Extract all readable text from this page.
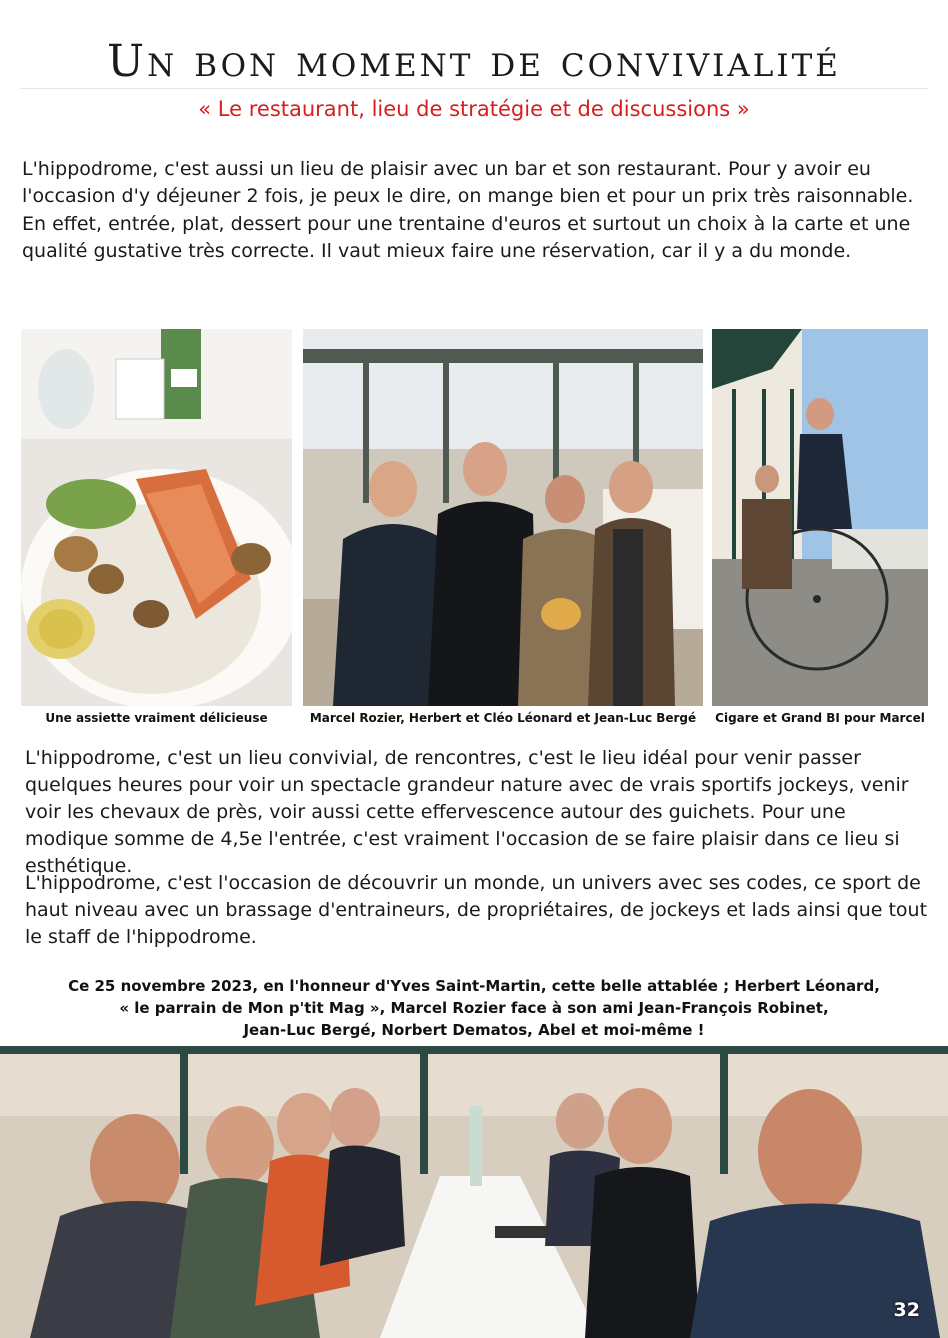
Un bon moment de convivialité
« Le restaurant, lieu de stratégie et de discussions »

L'hippodrome, c'est aussi un lieu de plaisir avec un bar et son restaurant. Pour y avoir eu l'occasion d'y déjeuner 2 fois, je peux le dire, on mange bien et pour un prix très raisonnable.

En effet, entrée, plat, dessert pour une trentaine d'euros et surtout un choix à la carte et une qualité gustative très correcte. Il vaut mieux faire une réservation, car il y a du monde.

Une assiette vraiment délicieuse	Marcel Rozier, Herbert et Cléo Léonard et Jean-Luc Bergé	Cigare et Grand BI pour Marcel

L'hippodrome, c'est un lieu convivial, de rencontres, c'est le lieu idéal pour venir passer quelques heures pour voir un spectacle grandeur nature avec de vrais sportifs jockeys, venir voir les chevaux de près, voir aussi cette effervescence autour des guichets. Pour une modique somme de 4,5e l'entrée, c'est vraiment l'occasion de se faire plaisir dans ce lieu si esthétique.

L'hippodrome, c'est l'occasion de découvrir un monde, un univers avec ses codes, ce sport de haut niveau avec un brassage d'entraineurs, de propriétaires, de jockeys et lads ainsi que tout le staff de l'hippodrome.

Ce 25 novembre 2023, en l'honneur d'Yves Saint-Martin, cette belle attablée ; Herbert Léonard,
« le parrain de Mon p'tit Mag », Marcel Rozier face à son ami Jean-François Robinet,
Jean-Luc Bergé, Norbert Dematos, Abel et moi-même !
32
